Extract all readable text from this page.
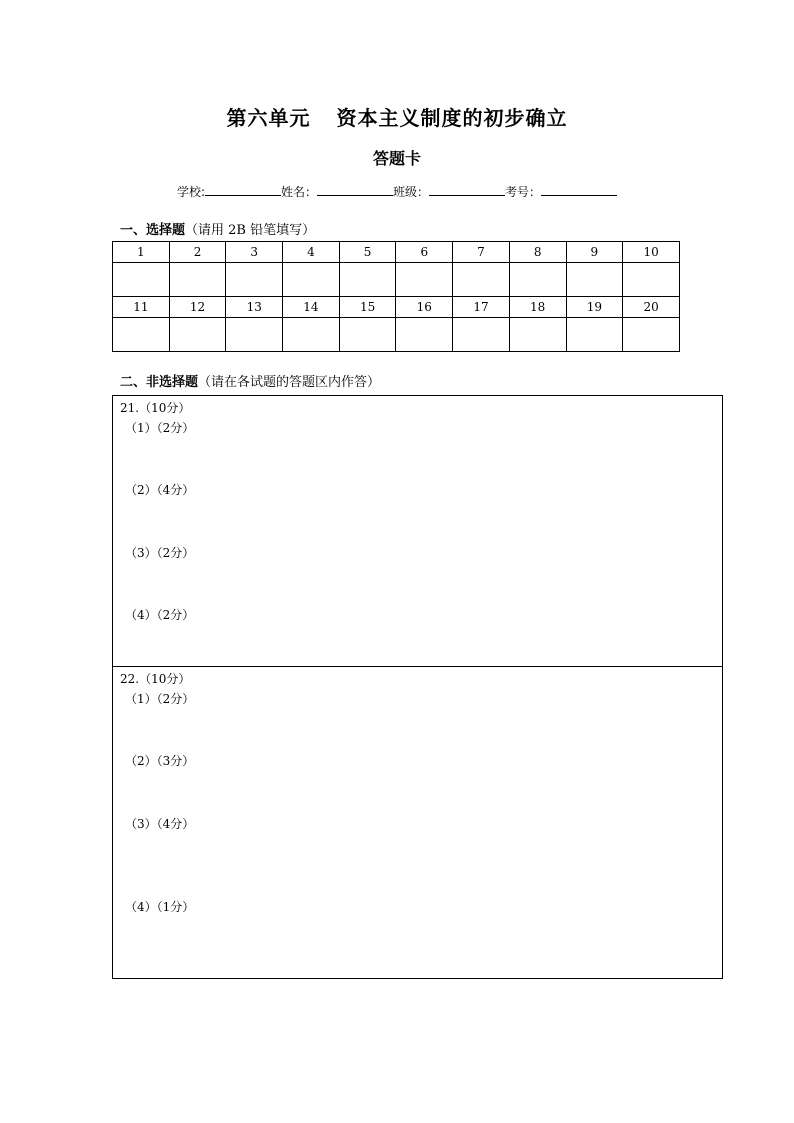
第六单元 资本主义制度的初步确立
答题卡
学校:	姓名：	班级：	考号：
一、选择题（请用 2B 铅笔填写）
1	2	3	4	5	6	7	8	9	10

11	12	13	14	15	16	17	18	19	20

二、非选择题（请在各试题的答题区内作答）
21.（10分）
（1）（2分）
（2）（4分）
（3）（2分）
（4）（2分）
22.（10分）
（1）（2分）
（2）（3分）
（3）（4分）
（4）（1分）
